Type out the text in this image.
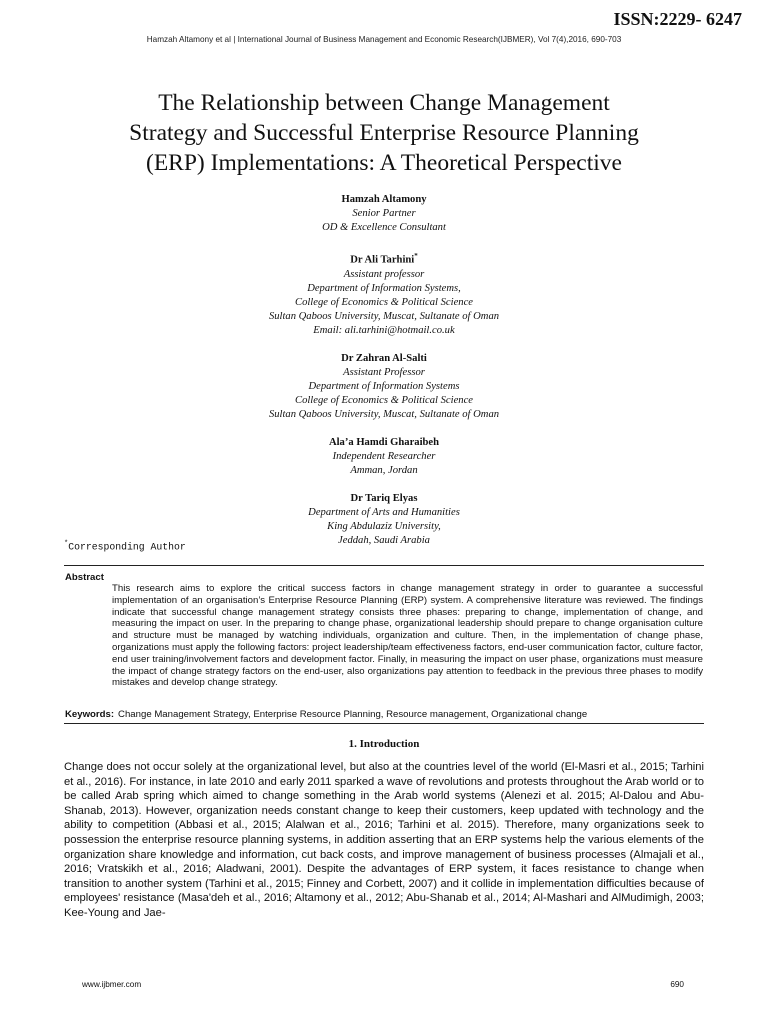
ISSN:2229- 6247
Hamzah Altamony et al | International Journal of Business Management and Economic Research(IJBMER), Vol 7(4),2016, 690-703
The Relationship between Change Management
Strategy and Successful Enterprise Resource Planning
(ERP) Implementations: A Theoretical Perspective
Hamzah Altamony
Senior Partner
OD & Excellence Consultant
Dr Ali Tarhini*
Assistant professor
Department of Information Systems,
College of Economics & Political Science
Sultan Qaboos University, Muscat, Sultanate of Oman
Email: ali.tarhini@hotmail.co.uk
Dr Zahran Al-Salti
Assistant Professor
Department of Information Systems
College of Economics & Political Science
Sultan Qaboos University, Muscat, Sultanate of Oman
Ala’a Hamdi Gharaibeh
Independent Researcher
Amman, Jordan
Dr Tariq Elyas
Department of Arts and Humanities
King Abdulaziz University,
Jeddah, Saudi Arabia
*Corresponding Author
Abstract
This research aims to explore the critical success factors in change management strategy in order to guarantee a successful implementation of an organisation’s Enterprise Resource Planning (ERP) system. A comprehensive literature was reviewed. The findings indicate that successful change management strategy consists three phases: preparing to change, implementation of change, and measuring the impact on user. In the preparing to change phase, organizational leadership should prepare to change organisation culture and structure must be managed by watching individuals, organization and culture. Then, in the implementation of change phase, organizations must apply the following factors: project leadership/team effectiveness factors, end-user communication factor, culture factor, end user training/involvement factors and development factor. Finally, in measuring the impact on user phase, organizations must measure the impact of change strategy factors on the end-user, also organizations pay attention to feedback in the previous three phases to modify mistakes and develop change strategy.
Keywords: Change Management Strategy, Enterprise Resource Planning, Resource management, Organizational change
1. Introduction

Change does not occur solely at the organizational level, but also at the countries level of the world (El-Masri et al., 2015; Tarhini et al., 2016). For instance, in late 2010 and early 2011 sparked a wave of revolutions and protests throughout the Arab world or to be called Arab spring which aimed to change something in the Arab world systems (Alenezi et al. 2015; Al-Dalou and Abu-Shanab, 2013). However, organization needs constant change to keep their customers, keep updated with technology and the ability to competition (Abbasi et al., 2015; Alalwan et al., 2016; Tarhini et al. 2015). Therefore, many organizations seek to possession the enterprise resource planning systems, in addition asserting that an ERP systems help the various elements of the organization share knowledge and information, cut back costs, and improve management of business processes (Almajali et al., 2016; Vratskikh et al., 2016; Aladwani, 2001). Despite the advantages of ERP system, it faces resistance to change when transition to another system (Tarhini et al., 2015; Finney and Corbett, 2007) and it collide in implementation difficulties because of employees' resistance (Masa'deh et al., 2016; Altamony et al., 2012; Abu-Shanab et al., 2014; Al-Mashari and AlMudimigh, 2003; Kee-Young and Jae-

www.ijbmer.com	690
